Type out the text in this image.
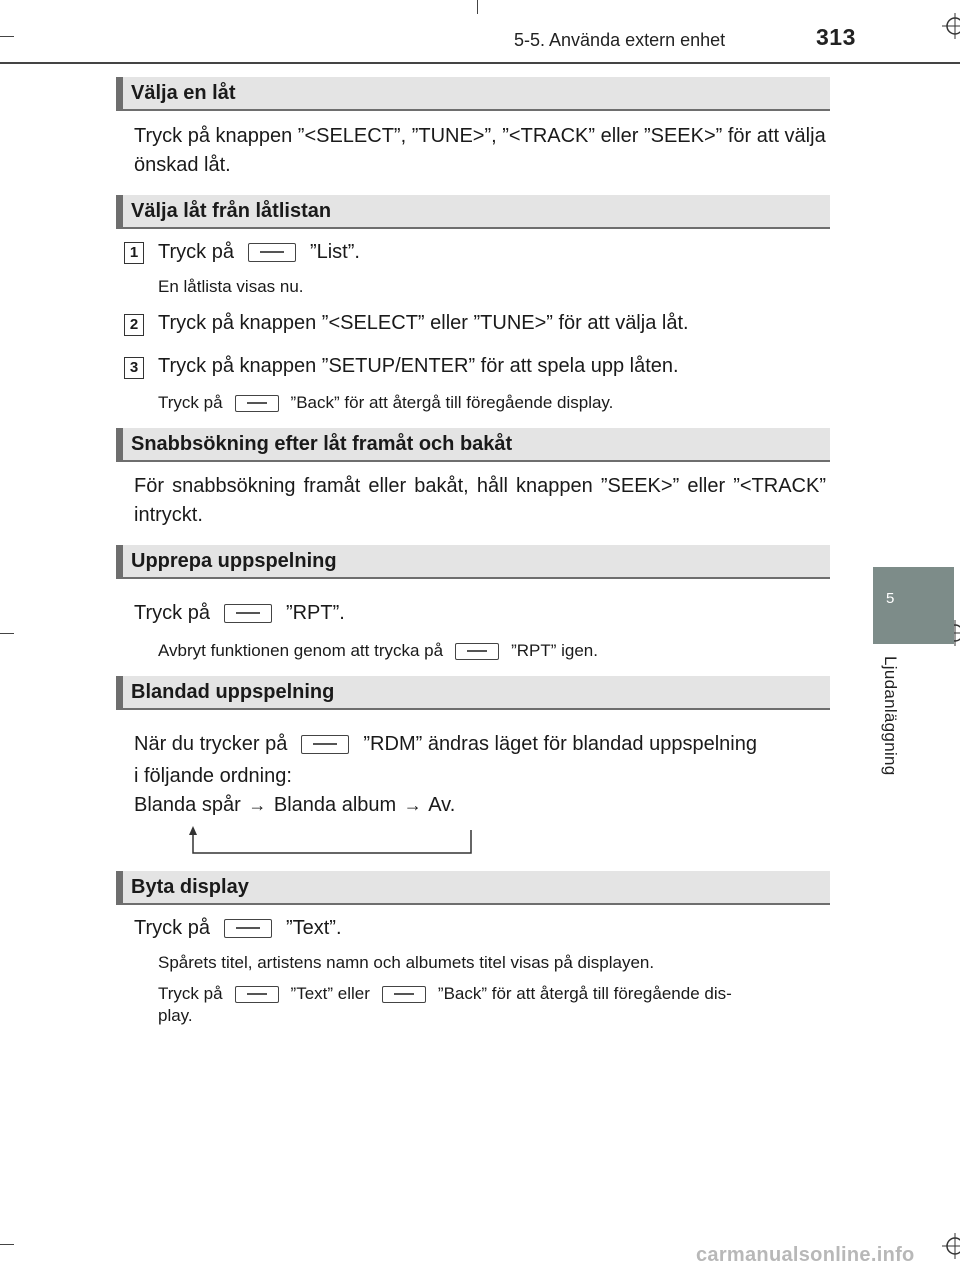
5-5. Använda extern enhet	313
5
Ljudanläggning
Välja en låt
Tryck på knappen ”<SELECT”, ”TUNE>”, ”<TRACK” eller ”SEEK>” för att välja önskad låt.
Välja låt från låtlistan
1 Tryck på	”List”.
En låtlista visas nu.
2 Tryck på knappen ”<SELECT” eller ”TUNE>” för att välja låt.
3 Tryck på knappen ”SETUP/ENTER” för att spela upp låten.
Tryck på	”Back” för att återgå till föregående display.
Snabbsökning efter låt framåt och bakåt
För snabbsökning framåt eller bakåt, håll knappen ”SEEK>” eller ”<TRACK” intryckt.
Upprepa uppspelning
Tryck på	”RPT”.
Avbryt funktionen genom att trycka på	”RPT” igen.
Blandad uppspelning
När du trycker på	”RDM” ändras läget för blandad uppspelning
i följande ordning:
Blanda spår → Blanda album → Av.
Byta display
Tryck på	”Text”.
Spårets titel, artistens namn och albumets titel visas på displayen.
Tryck på	”Text” eller	”Back” för att återgå till föregående dis-
play.
carmanualsonline.info
